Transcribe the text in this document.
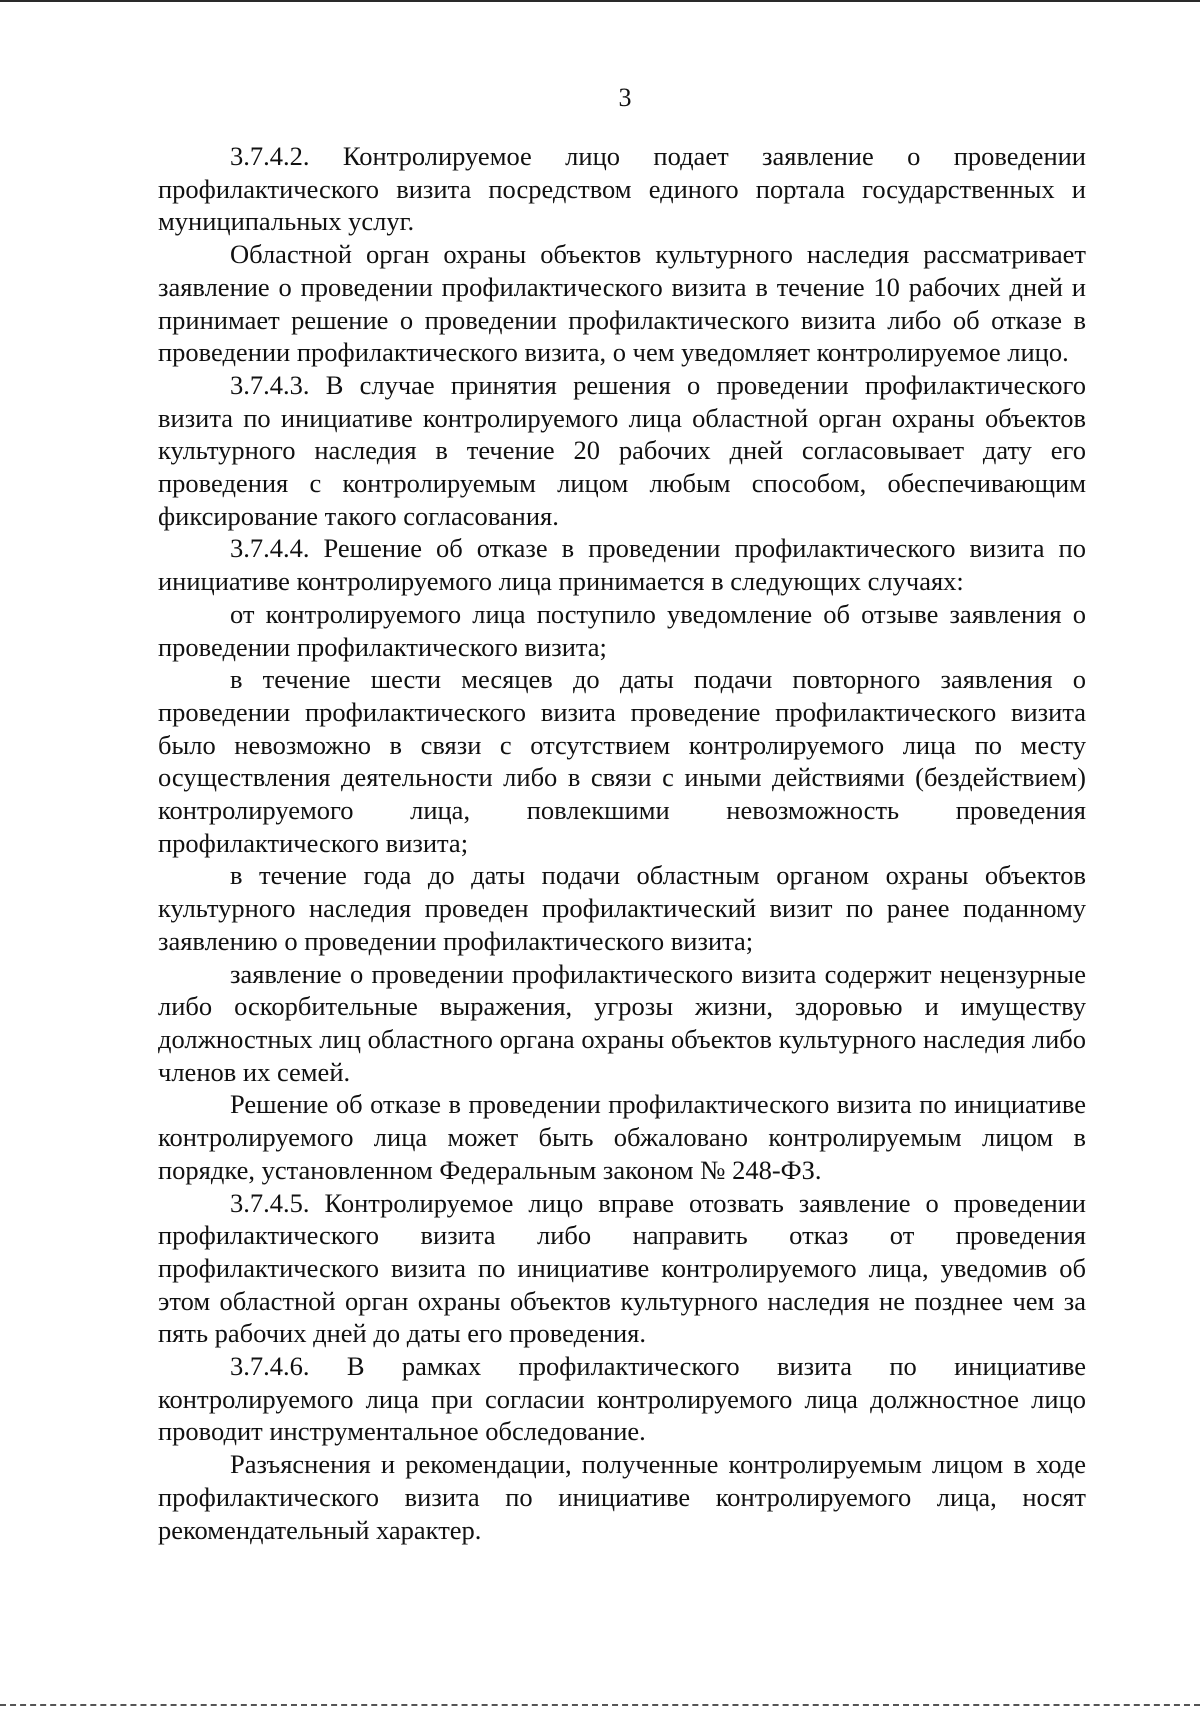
3

3.7.4.2. Контролируемое лицо подает заявление о проведении профилактического визита посредством единого портала государственных и муниципальных услуг.

Областной орган охраны объектов культурного наследия рассматривает заявление о проведении профилактического визита в течение 10 рабочих дней и принимает решение о проведении профилактического визита либо об отказе в проведении профилактического визита, о чем уведомляет контролируемое лицо.

3.7.4.3. В случае принятия решения о проведении профилактического визита по инициативе контролируемого лица областной орган охраны объектов культурного наследия в течение 20 рабочих дней согласовывает дату его проведения с контролируемым лицом любым способом, обеспечивающим фиксирование такого согласования.

3.7.4.4. Решение об отказе в проведении профилактического визита по инициативе контролируемого лица принимается в следующих случаях:

от контролируемого лица поступило уведомление об отзыве заявления о проведении профилактического визита;

в течение шести месяцев до даты подачи повторного заявления о проведении профилактического визита проведение профилактического визита было невозможно в связи с отсутствием контролируемого лица по месту осуществления деятельности либо в связи с иными действиями (бездействием) контролируемого лица, повлекшими невозможность проведения профилактического визита;

в течение года до даты подачи областным органом охраны объектов культурного наследия проведен профилактический визит по ранее поданному заявлению о проведении профилактического визита;

заявление о проведении профилактического визита содержит нецензурные либо оскорбительные выражения, угрозы жизни, здоровью и имуществу должностных лиц областного органа охраны объектов культурного наследия либо членов их семей.

Решение об отказе в проведении профилактического визита по инициативе контролируемого лица может быть обжаловано контролируемым лицом в порядке, установленном Федеральным законом № 248-ФЗ.

3.7.4.5. Контролируемое лицо вправе отозвать заявление о проведении профилактического визита либо направить отказ от проведения профилактического визита по инициативе контролируемого лица, уведомив об этом областной орган охраны объектов культурного наследия не позднее чем за пять рабочих дней до даты его проведения.

3.7.4.6. В рамках профилактического визита по инициативе контролируемого лица при согласии контролируемого лица должностное лицо проводит инструментальное обследование.

Разъяснения и рекомендации, полученные контролируемым лицом в ходе профилактического визита по инициативе контролируемого лица, носят рекомендательный характер.
